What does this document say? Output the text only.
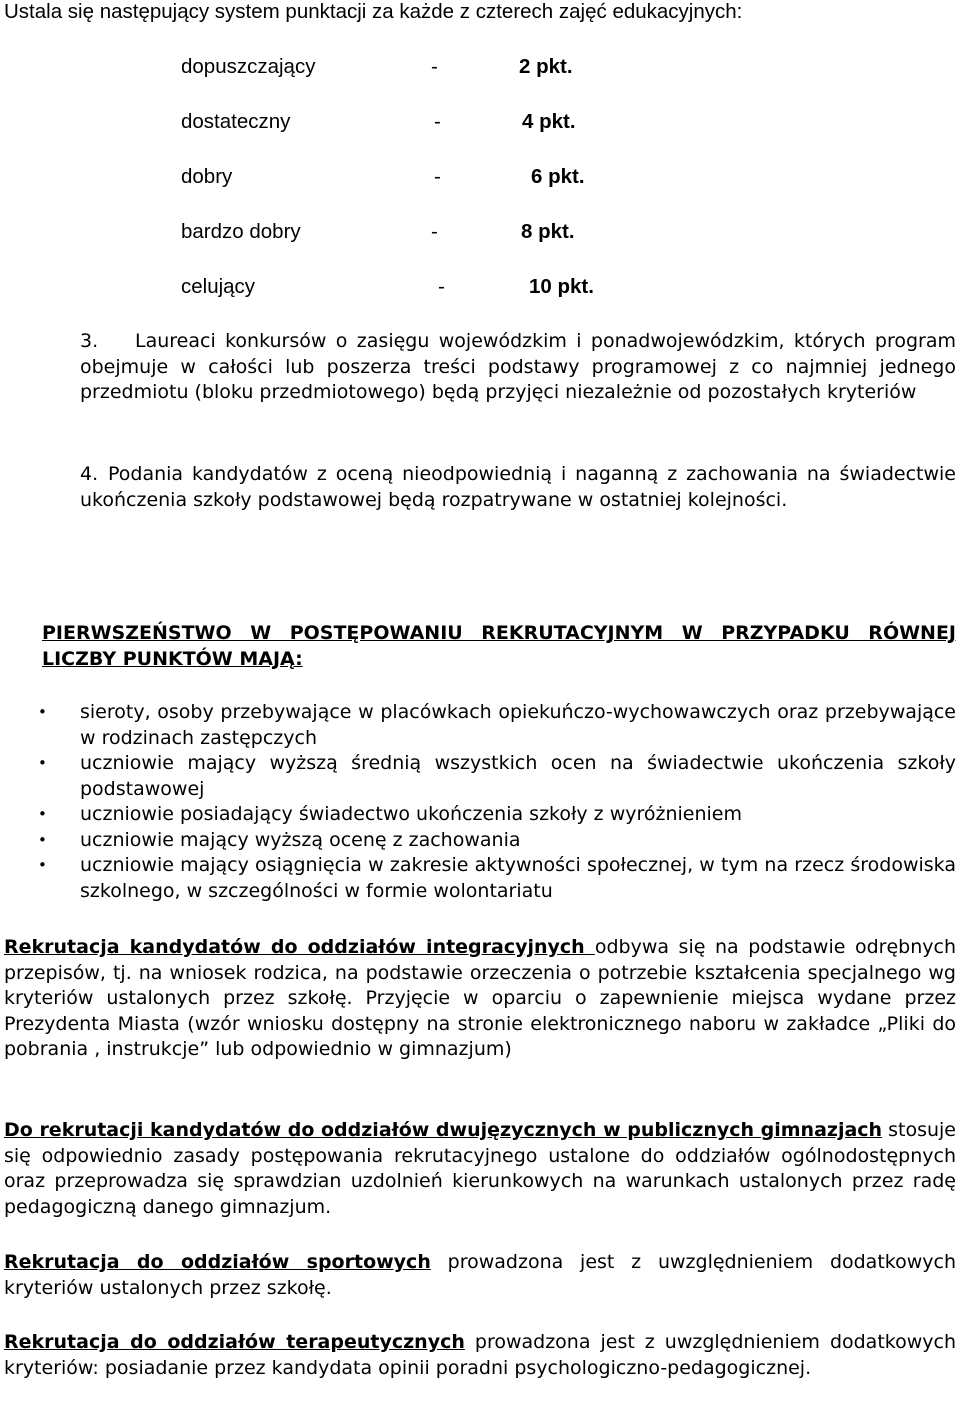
Ustala się następujący system punktacji za każde z czterech zajęć edukacyjnych:
dopuszczający	-	2 pkt.
dostateczny	-	4 pkt.
dobry	-	6 pkt.
bardzo dobry	-	8 pkt.
celujący	-	10 pkt.
3.	Laureaci konkursów o zasięgu wojewódzkim i ponadwojewódzkim, których program obejmuje w całości lub poszerza treści podstawy programowej z co najmniej jednego przedmiotu (bloku przedmiotowego) będą przyjęci niezależnie od pozostałych kryteriów
4. Podania kandydatów z oceną nieodpowiednią i naganną z zachowania na świadectwie ukończenia szkoły podstawowej będą rozpatrywane w ostatniej kolejności.
PIERWSZEŃSTWO W POSTĘPOWANIU REKRUTACYJNYM W PRZYPADKU RÓWNEJ LICZBY PUNKTÓW MAJĄ:
• sieroty, osoby przebywające w placówkach opiekuńczo-wychowawczych oraz przebywające w rodzinach zastępczych
• uczniowie mający wyższą średnią wszystkich ocen na świadectwie ukończenia szkoły podstawowej
• uczniowie posiadający świadectwo ukończenia szkoły z wyróżnieniem
• uczniowie mający wyższą ocenę z zachowania
• uczniowie mający osiągnięcia w zakresie aktywności społecznej, w tym na rzecz środowiska szkolnego, w szczególności w formie wolontariatu
Rekrutacja kandydatów do oddziałów integracyjnych odbywa się na podstawie odrębnych przepisów, tj. na wniosek rodzica, na podstawie orzeczenia o potrzebie kształcenia specjalnego wg kryteriów ustalonych przez szkołę. Przyjęcie w oparciu o zapewnienie miejsca wydane przez Prezydenta Miasta (wzór wniosku dostępny na stronie elektronicznego naboru w zakładce „Pliki do pobrania , instrukcje” lub odpowiednio w gimnazjum)
Do rekrutacji kandydatów do oddziałów dwujęzycznych w publicznych gimnazjach stosuje się odpowiednio zasady postępowania rekrutacyjnego ustalone do oddziałów ogólnodostępnych oraz przeprowadza się sprawdzian uzdolnień kierunkowych na warunkach ustalonych przez radę pedagogiczną danego gimnazjum.
Rekrutacja do oddziałów sportowych prowadzona jest z uwzględnieniem dodatkowych kryteriów ustalonych przez szkołę.
Rekrutacja do oddziałów terapeutycznych prowadzona jest z uwzględnieniem dodatkowych kryteriów: posiadanie przez kandydata opinii poradni psychologiczno-pedagogicznej.
